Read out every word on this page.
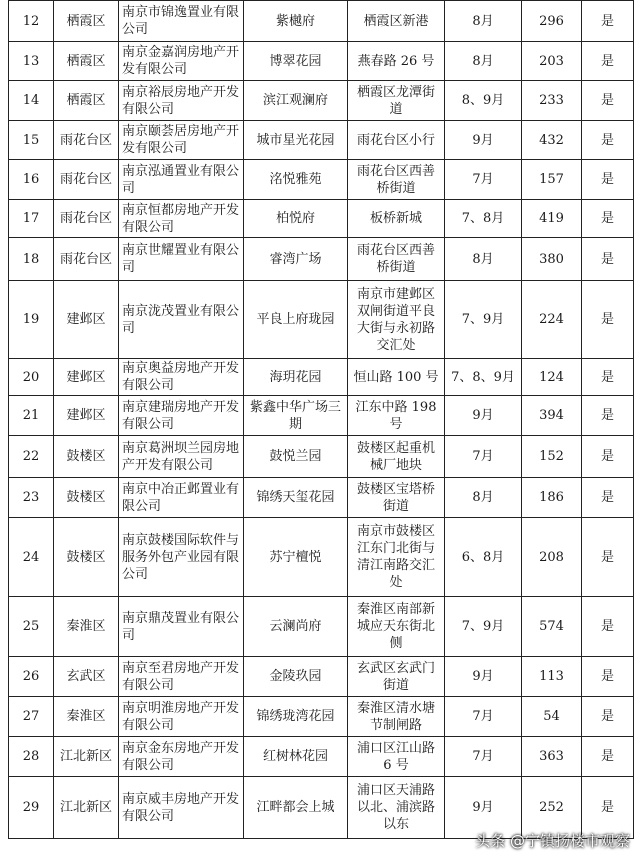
12	栖霞区	南京市锦逸置业有限公司	紫樾府	栖霞区新港	8月	296	是
13	栖霞区	南京金嘉润房地产开发有限公司	博翠花园	燕春路 26 号	8月	203	是
14	栖霞区	南京裕辰房地产开发有限公司	滨江观澜府	栖霞区龙潭街道	8、9月	233	是
15	雨花台区	南京颐荟居房地产开发有限公司	城市星光花园	雨花台区小行	9月	432	是
16	雨花台区	南京泓通置业有限公司	洺悦雅苑	雨花台区西善桥街道	7月	157	是
17	雨花台区	南京恒都房地产开发有限公司	柏悦府	板桥新城	7、8月	419	是
18	雨花台区	南京世耀置业有限公司	睿湾广场	雨花台区西善桥街道	8月	380	是
19	建邺区	南京泷茂置业有限公司	平良上府珑园	南京市建邺区双闸街道平良大街与永初路交汇处	7、9月	224	是
20	建邺区	南京奥益房地产开发有限公司	海玥花园	恒山路 100 号	7、8、9月	124	是
21	建邺区	南京建瑞房地产开发有限公司	紫鑫中华广场三期	江东中路 198 号	9月	394	是
22	鼓楼区	南京葛洲坝兰园房地产开发有限公司	鼓悦兰园	鼓楼区起重机械厂地块	7月	152	是
23	鼓楼区	南京中冶正邺置业有限公司	锦绣天玺花园	鼓楼区宝塔桥街道	8月	186	是
24	鼓楼区	南京鼓楼国际软件与服务外包产业园有限公司	苏宁檀悦	南京市鼓楼区江东门北街与清江南路交汇处	6、8月	208	是
25	秦淮区	南京鼎茂置业有限公司	云澜尚府	秦淮区南部新城应天东街北侧	7、9月	574	是
26	玄武区	南京至君房地产开发有限公司	金陵玖园	玄武区玄武门街道	9月	113	是
27	秦淮区	南京明淮房地产开发有限公司	锦绣珑湾花园	秦淮区清水塘节制闸路	7月	54	是
28	江北新区	南京金东房地产开发有限公司	红树林花园	浦口区江山路 6 号	7月	363	是
29	江北新区	南京威丰房地产开发有限公司	江畔都会上城	浦口区天浦路以北、浦滨路以东	9月	252	是
头条 @宁镇扬楼市观察
